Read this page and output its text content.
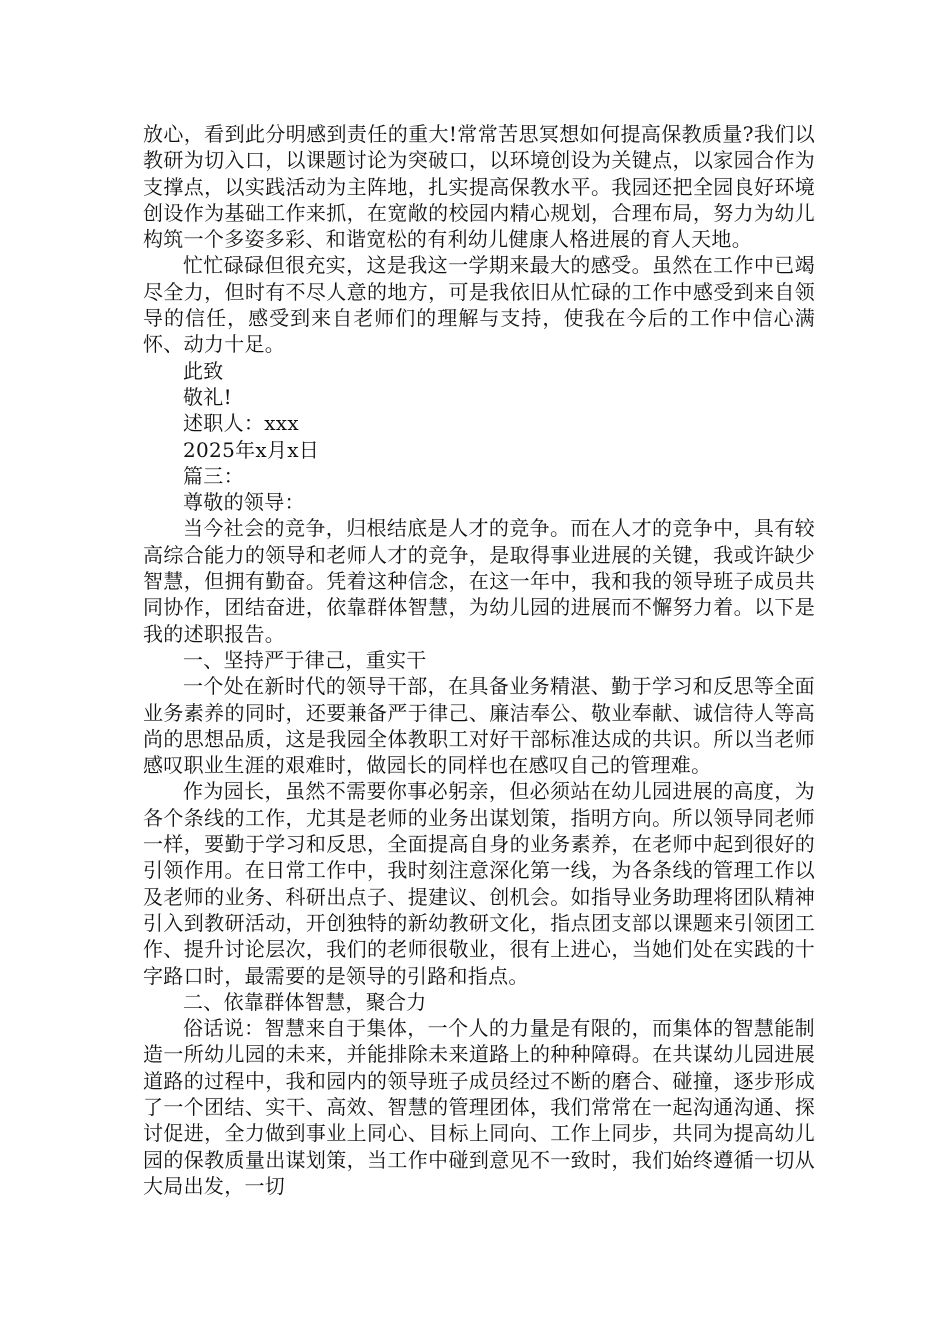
放心，看到此分明感到责任的重大!常常苦思冥想如何提高保教质量?我们以教研为切入口，以课题讨论为突破口，以环境创设为关键点，以家园合作为支撑点，以实践活动为主阵地，扎实提高保教水平。我园还把全园良好环境创设作为基础工作来抓，在宽敞的校园内精心规划，合理布局，努力为幼儿构筑一个多姿多彩、和谐宽松的有利幼儿健康人格进展的育人天地。

忙忙碌碌但很充实，这是我这一学期来最大的感受。虽然在工作中已竭尽全力，但时有不尽人意的地方，可是我依旧从忙碌的工作中感受到来自领导的信任，感受到来自老师们的理解与支持，使我在今后的工作中信心满怀、动力十足。

此致

敬礼!

述职人：xxx

2025年x月x日

篇三：

尊敬的领导：

当今社会的竞争，归根结底是人才的竞争。而在人才的竞争中，具有较高综合能力的领导和老师人才的竞争，是取得事业进展的关键，我或许缺少智慧，但拥有勤奋。凭着这种信念，在这一年中，我和我的领导班子成员共同协作，团结奋进，依靠群体智慧，为幼儿园的进展而不懈努力着。以下是我的述职报告。

一、坚持严于律己，重实干

一个处在新时代的领导干部，在具备业务精湛、勤于学习和反思等全面业务素养的同时，还要兼备严于律己、廉洁奉公、敬业奉献、诚信待人等高尚的思想品质，这是我园全体教职工对好干部标准达成的共识。所以当老师感叹职业生涯的艰难时，做园长的同样也在感叹自己的管理难。

作为园长，虽然不需要你事必躬亲，但必须站在幼儿园进展的高度，为各个条线的工作，尤其是老师的业务出谋划策，指明方向。所以领导同老师一样，要勤于学习和反思，全面提高自身的业务素养，在老师中起到很好的引领作用。在日常工作中，我时刻注意深化第一线，为各条线的管理工作以及老师的业务、科研出点子、提建议、创机会。如指导业务助理将团队精神引入到教研活动，开创独特的新幼教研文化，指点团支部以课题来引领团工作、提升讨论层次，我们的老师很敬业，很有上进心，当她们处在实践的十字路口时，最需要的是领导的引路和指点。

二、依靠群体智慧，聚合力

俗话说：智慧来自于集体，一个人的力量是有限的，而集体的智慧能制造一所幼儿园的未来，并能排除未来道路上的种种障碍。在共谋幼儿园进展道路的过程中，我和园内的领导班子成员经过不断的磨合、碰撞，逐步形成了一个团结、实干、高效、智慧的管理团体，我们常常在一起沟通沟通、探讨促进，全力做到事业上同心、目标上同向、工作上同步，共同为提高幼儿园的保教质量出谋划策，当工作中碰到意见不一致时，我们始终遵循一切从大局出发，一切
